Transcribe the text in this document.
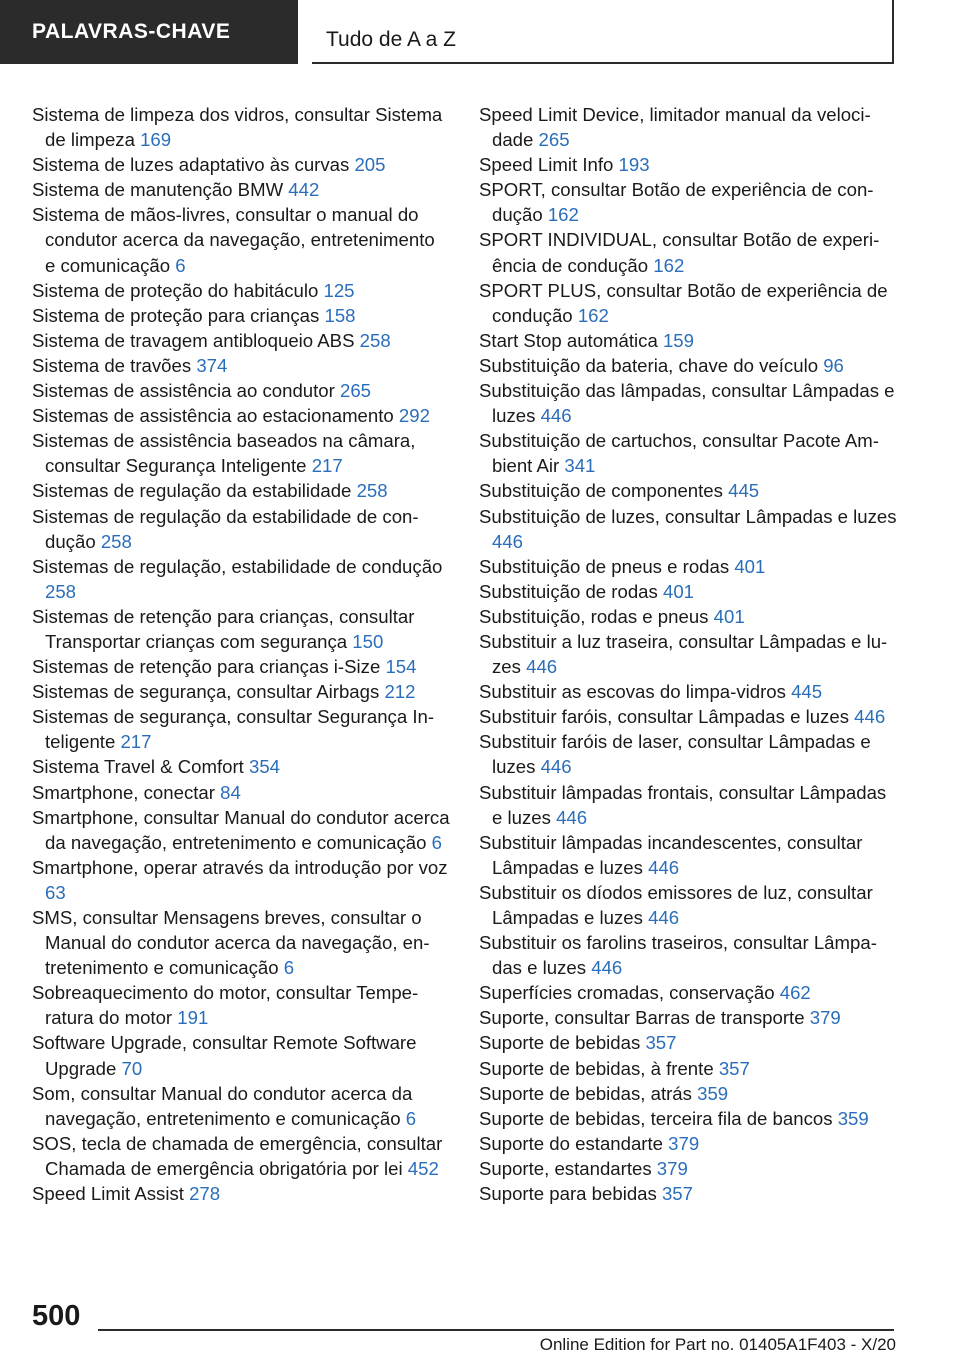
PALAVRAS-CHAVE	Tudo de A a Z
Sistema de limpeza dos vidros, consultar Sistema de limpeza 169
Sistema de luzes adaptativo às curvas 205
Sistema de manutenção BMW 442
Sistema de mãos-livres, consultar o manual do condutor acerca da navegação, entretenimento e comunicação 6
Sistema de proteção do habitáculo 125
Sistema de proteção para crianças 158
Sistema de travagem antibloqueio ABS 258
Sistema de travões 374
Sistemas de assistência ao condutor 265
Sistemas de assistência ao estacionamento 292
Sistemas de assistência baseados na câmara, consultar Segurança Inteligente 217
Sistemas de regulação da estabilidade 258
Sistemas de regulação da estabilidade de condução 258
Sistemas de regulação, estabilidade de condução 258
Sistemas de retenção para crianças, consultar Transportar crianças com segurança 150
Sistemas de retenção para crianças i-Size 154
Sistemas de segurança, consultar Airbags 212
Sistemas de segurança, consultar Segurança Inteligente 217
Sistema Travel & Comfort 354
Smartphone, conectar 84
Smartphone, consultar Manual do condutor acerca da navegação, entretenimento e comunicação 6
Smartphone, operar através da introdução por voz 63
SMS, consultar Mensagens breves, consultar o Manual do condutor acerca da navegação, entretenimento e comunicação 6
Sobreaquecimento do motor, consultar Temperatura do motor 191
Software Upgrade, consultar Remote Software Upgrade 70
Som, consultar Manual do condutor acerca da navegação, entretenimento e comunicação 6
SOS, tecla de chamada de emergência, consultar Chamada de emergência obrigatória por lei 452
Speed Limit Assist 278
Speed Limit Device, limitador manual da velocidade 265
Speed Limit Info 193
SPORT, consultar Botão de experiência de condução 162
SPORT INDIVIDUAL, consultar Botão de experiência de condução 162
SPORT PLUS, consultar Botão de experiência de condução 162
Start Stop automática 159
Substituição da bateria, chave do veículo 96
Substituição das lâmpadas, consultar Lâmpadas e luzes 446
Substituição de cartuchos, consultar Pacote Ambient Air 341
Substituição de componentes 445
Substituição de luzes, consultar Lâmpadas e luzes 446
Substituição de pneus e rodas 401
Substituição de rodas 401
Substituição, rodas e pneus 401
Substituir a luz traseira, consultar Lâmpadas e luzes 446
Substituir as escovas do limpa-vidros 445
Substituir faróis, consultar Lâmpadas e luzes 446
Substituir faróis de laser, consultar Lâmpadas e luzes 446
Substituir lâmpadas frontais, consultar Lâmpadas e luzes 446
Substituir lâmpadas incandescentes, consultar Lâmpadas e luzes 446
Substituir os díodos emissores de luz, consultar Lâmpadas e luzes 446
Substituir os farolins traseiros, consultar Lâmpadas e luzes 446
Superfícies cromadas, conservação 462
Suporte, consultar Barras de transporte 379
Suporte de bebidas 357
Suporte de bebidas, à frente 357
Suporte de bebidas, atrás 359
Suporte de bebidas, terceira fila de bancos 359
Suporte do estandarte 379
Suporte, estandartes 379
Suporte para bebidas 357
500
Online Edition for Part no. 01405A1F403 - X/20
